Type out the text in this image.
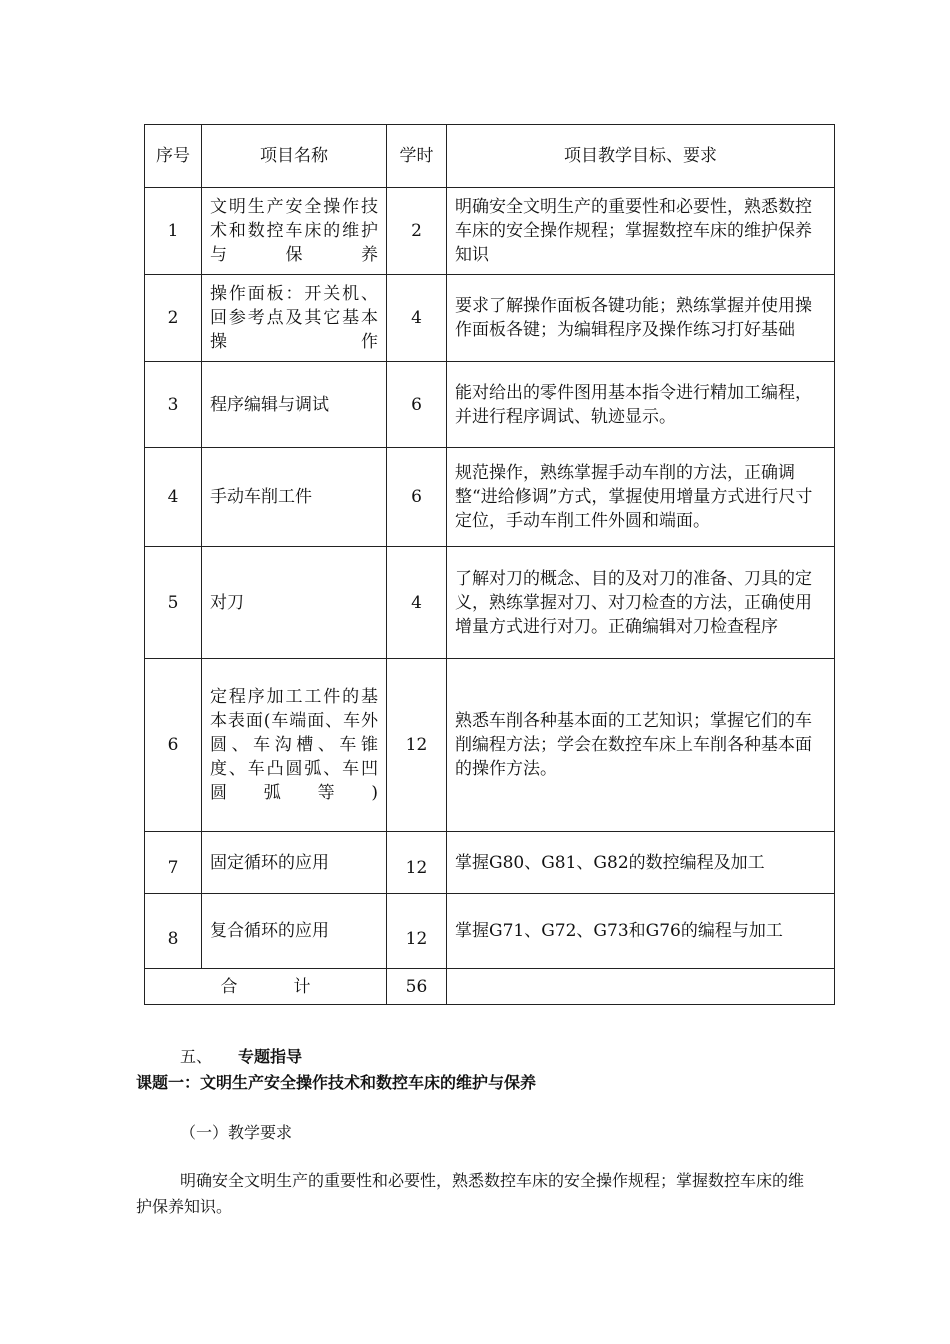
序号	项目名称	学时	项目教学目标、要求
1	文明生产安全操作技术和数控车床的维护与保养	2	明确安全文明生产的重要性和必要性，熟悉数控车床的安全操作规程；掌握数控车床的维护保养知识
2	操作面板：开关机、回参考点及其它基本操作	4	要求了解操作面板各键功能；熟练掌握并使用操作面板各键；为编辑程序及操作练习打好基础
3	程序编辑与调试	6	能对给出的零件图用基本指令进行精加工编程，并进行程序调试、轨迹显示。
4	手动车削工件	6	规范操作，熟练掌握手动车削的方法，正确调整“进给修调”方式，掌握使用增量方式进行尺寸定位，手动车削工件外圆和端面。
5	对刀	4	了解对刀的概念、目的及对刀的准备、刀具的定义，熟练掌握对刀、对刀检查的方法，正确使用增量方式进行对刀。正确编辑对刀检查程序
6	定程序加工工件的基本表面(车端面、车外圆、车沟槽、车锥度、车凸圆弧、车凹圆弧等)	12	熟悉车削各种基本面的工艺知识；掌握它们的车削编程方法；学会在数控车床上车削各种基本面的操作方法。
7	固定循环的应用	12	掌握G80、G81、G82的数控编程及加工
8	复合循环的应用	12	掌握G71、G72、G73和G76的编程与加工
合 计		56	
五、 专题指导
课题一：文明生产安全操作技术和数控车床的维护与保养
（一）教学要求
明确安全文明生产的重要性和必要性，熟悉数控车床的安全操作规程；掌握数控车床的维护保养知识。
